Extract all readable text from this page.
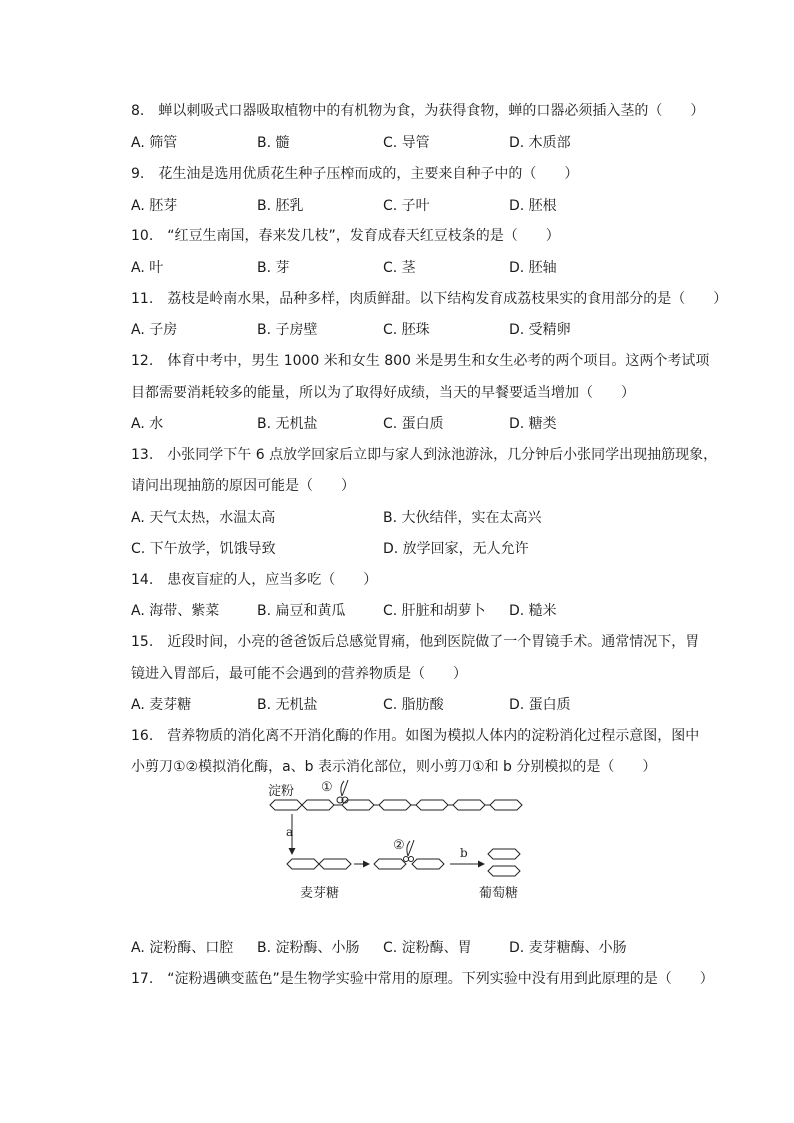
8.　蝉以刺吸式口器吸取植物中的有机物为食，为获得食物，蝉的口器必须插入茎的（　　）
A. 筛管	B. 髓	C. 导管	D. 木质部
9.　花生油是选用优质花生种子压榨而成的，主要来自种子中的（　　）
A. 胚芽	B. 胚乳	C. 子叶	D. 胚根
10.　“红豆生南国，春来发几枝”，发育成春天红豆枝条的是（　　）
A. 叶	B. 芽	C. 茎	D. 胚轴
11.　荔枝是岭南水果，品种多样，肉质鲜甜。以下结构发育成荔枝果实的食用部分的是（　　）
A. 子房	B. 子房壁	C. 胚珠	D. 受精卵
12.　体育中考中，男生 1000 米和女生 800 米是男生和女生必考的两个项目。这两个考试项
目都需要消耗较多的能量，所以为了取得好成绩，当天的早餐要适当增加（　　）
A. 水	B. 无机盐	C. 蛋白质	D. 糖类
13.　小张同学下午 6 点放学回家后立即与家人到泳池游泳，几分钟后小张同学出现抽筋现象，
请问出现抽筋的原因可能是（　　）
A. 天气太热，水温太高	B. 大伙结伴，实在太高兴
C. 下午放学，饥饿导致	D. 放学回家，无人允许
14.　患夜盲症的人，应当多吃（　　）
A. 海带、紫菜	B. 扁豆和黄瓜	C. 肝脏和胡萝卜 D. 糙米
15.　近段时间，小亮的爸爸饭后总感觉胃痛，他到医院做了一个胃镜手术。通常情况下，胃
镜进入胃部后，最可能不会遇到的营养物质是（　　）
A. 麦芽糖	B. 无机盐	C. 脂肪酸	D. 蛋白质
16.　营养物质的消化离不开消化酶的作用。如图为模拟人体内的淀粉消化过程示意图，图中
小剪刀①②模拟消化酶，a、b 表示消化部位，则小剪刀①和 b 分别模拟的是（　　）
淀粉 ①
a
②	b
麦芽糖	葡萄糖
A. 淀粉酶、口腔 B. 淀粉酶、小肠 C. 淀粉酶、胃	D. 麦芽糖酶、小肠
17.　“淀粉遇碘变蓝色”是生物学实验中常用的原理。下列实验中没有用到此原理的是（　　）
